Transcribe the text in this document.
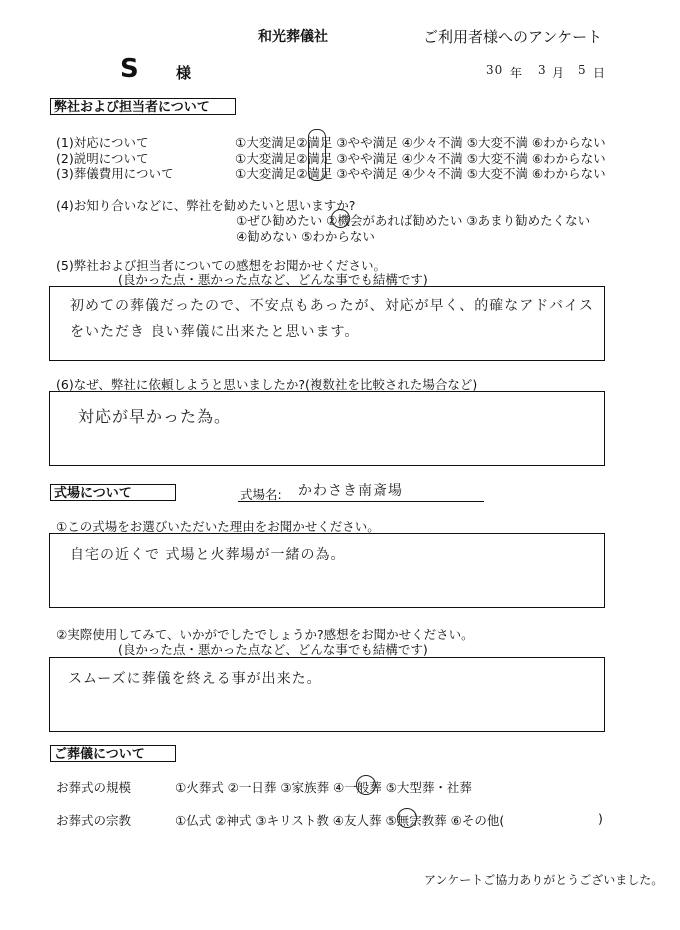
和光葬儀社	ご利用者様へのアンケート
S 様	30 年 3 月 5 日
弊社および担当者について
(1)対応について	①大変満足②満足 ③やや満足 ④少々不満 ⑤大変不満 ⑥わからない
(2)説明について	①大変満足②満足 ③やや満足 ④少々不満 ⑤大変不満 ⑥わからない
(3)葬儀費用について	①大変満足②満足 ③やや満足 ④少々不満 ⑤大変不満 ⑥わからない
(4)お知り合いなどに、弊社を勧めたいと思いますか?
①ぜひ勧めたい ②機会があれば勧めたい ③あまり勧めたくない
④勧めない ⑤わからない
(5)弊社および担当者についての感想をお聞かせください。
(良かった点・悪かった点など、どんな事でも結構です)
初めての葬儀だったので、不安点もあったが、対応が早く、的確なアドバイス
をいただき 良い葬儀に出来たと思います。
(6)なぜ、弊社に依頼しようと思いましたか?(複数社を比較された場合など)
対応が早かった為。
式場について	式場名: かわさき南斎場
①この式場をお選びいただいた理由をお聞かせください。
自宅の近くで 式場と火葬場が一緒の為。
②実際使用してみて、いかがでしたでしょうか?感想をお聞かせください。
(良かった点・悪かった点など、どんな事でも結構です)
スムーズに葬儀を終える事が出来た。
ご葬儀について
お葬式の規模	①火葬式 ②一日葬 ③家族葬 ④一般葬 ⑤大型葬・社葬
お葬式の宗教	①仏式 ②神式 ③キリスト教 ④友人葬 ⑤無宗教葬 ⑥その他(	)
アンケートご協力ありがとうございました。
